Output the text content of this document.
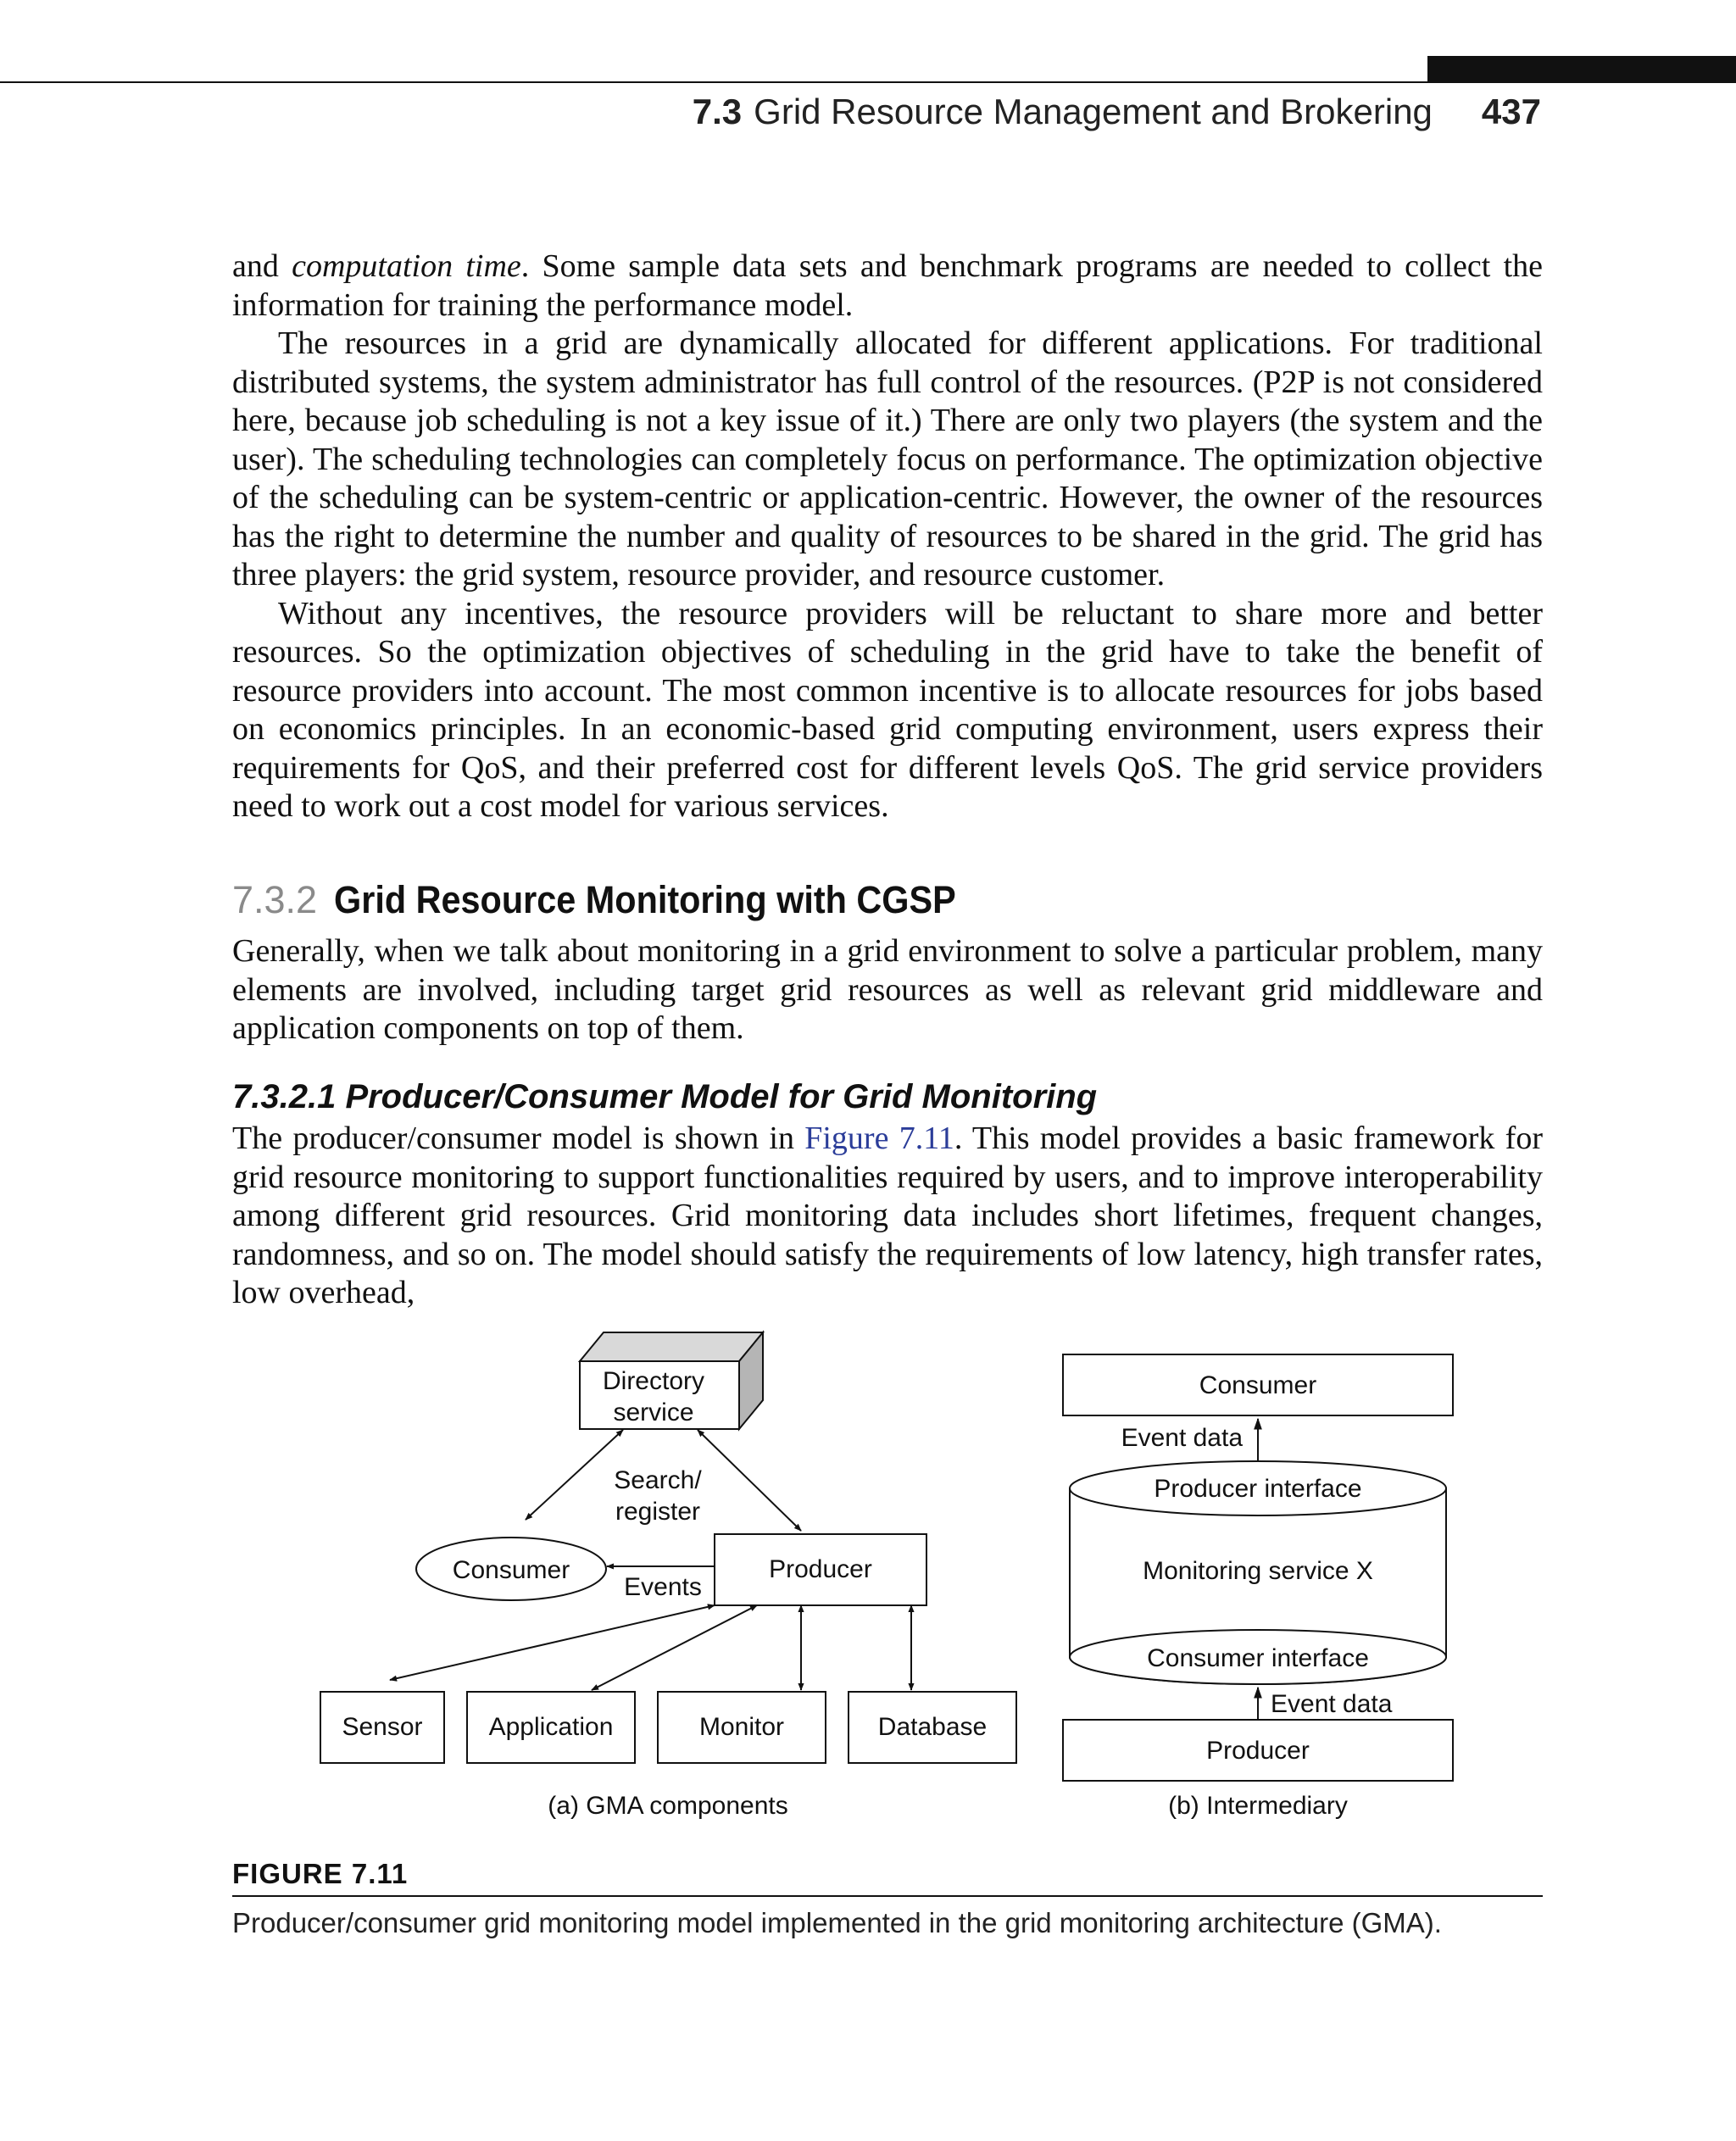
7.3 Grid Resource Management and Brokering 437

and computation time. Some sample data sets and benchmark programs are needed to collect the information for training the performance model.

The resources in a grid are dynamically allocated for different applications. For traditional distributed systems, the system administrator has full control of the resources. (P2P is not considered here, because job scheduling is not a key issue of it.) There are only two players (the system and the user). The scheduling technologies can completely focus on performance. The optimization objective of the scheduling can be system-centric or application-centric. However, the owner of the resources has the right to determine the number and quality of resources to be shared in the grid. The grid has three players: the grid system, resource provider, and resource customer.

Without any incentives, the resource providers will be reluctant to share more and better resources. So the optimization objectives of scheduling in the grid have to take the benefit of resource providers into account. The most common incentive is to allocate resources for jobs based on economics principles. In an economic-based grid computing environment, users express their requirements for QoS, and their preferred cost for different levels QoS. The grid service providers need to work out a cost model for various services.

7.3.2 Grid Resource Monitoring with CGSP

Generally, when we talk about monitoring in a grid environment to solve a particular problem, many elements are involved, including target grid resources as well as relevant grid middleware and application components on top of them.

7.3.2.1 Producer/Consumer Model for Grid Monitoring

The producer/consumer model is shown in Figure 7.11. This model provides a basic framework for grid resource monitoring to support functionalities required by users, and to improve interoperability among different grid resources. Grid monitoring data includes short lifetimes, frequent changes, randomness, and so on. The model should satisfy the requirements of low latency, high transfer rates, low overhead,

Directory
service
Search/
register
Consumer	Producer
Events
Sensor	Application	Monitor	Database
(a) GMA components
Consumer
Event data
Producer interface
Monitoring service X
Consumer interface
Event data
Producer
(b) Intermediary
FIGURE 7.11
Producer/consumer grid monitoring model implemented in the grid monitoring architecture (GMA).
